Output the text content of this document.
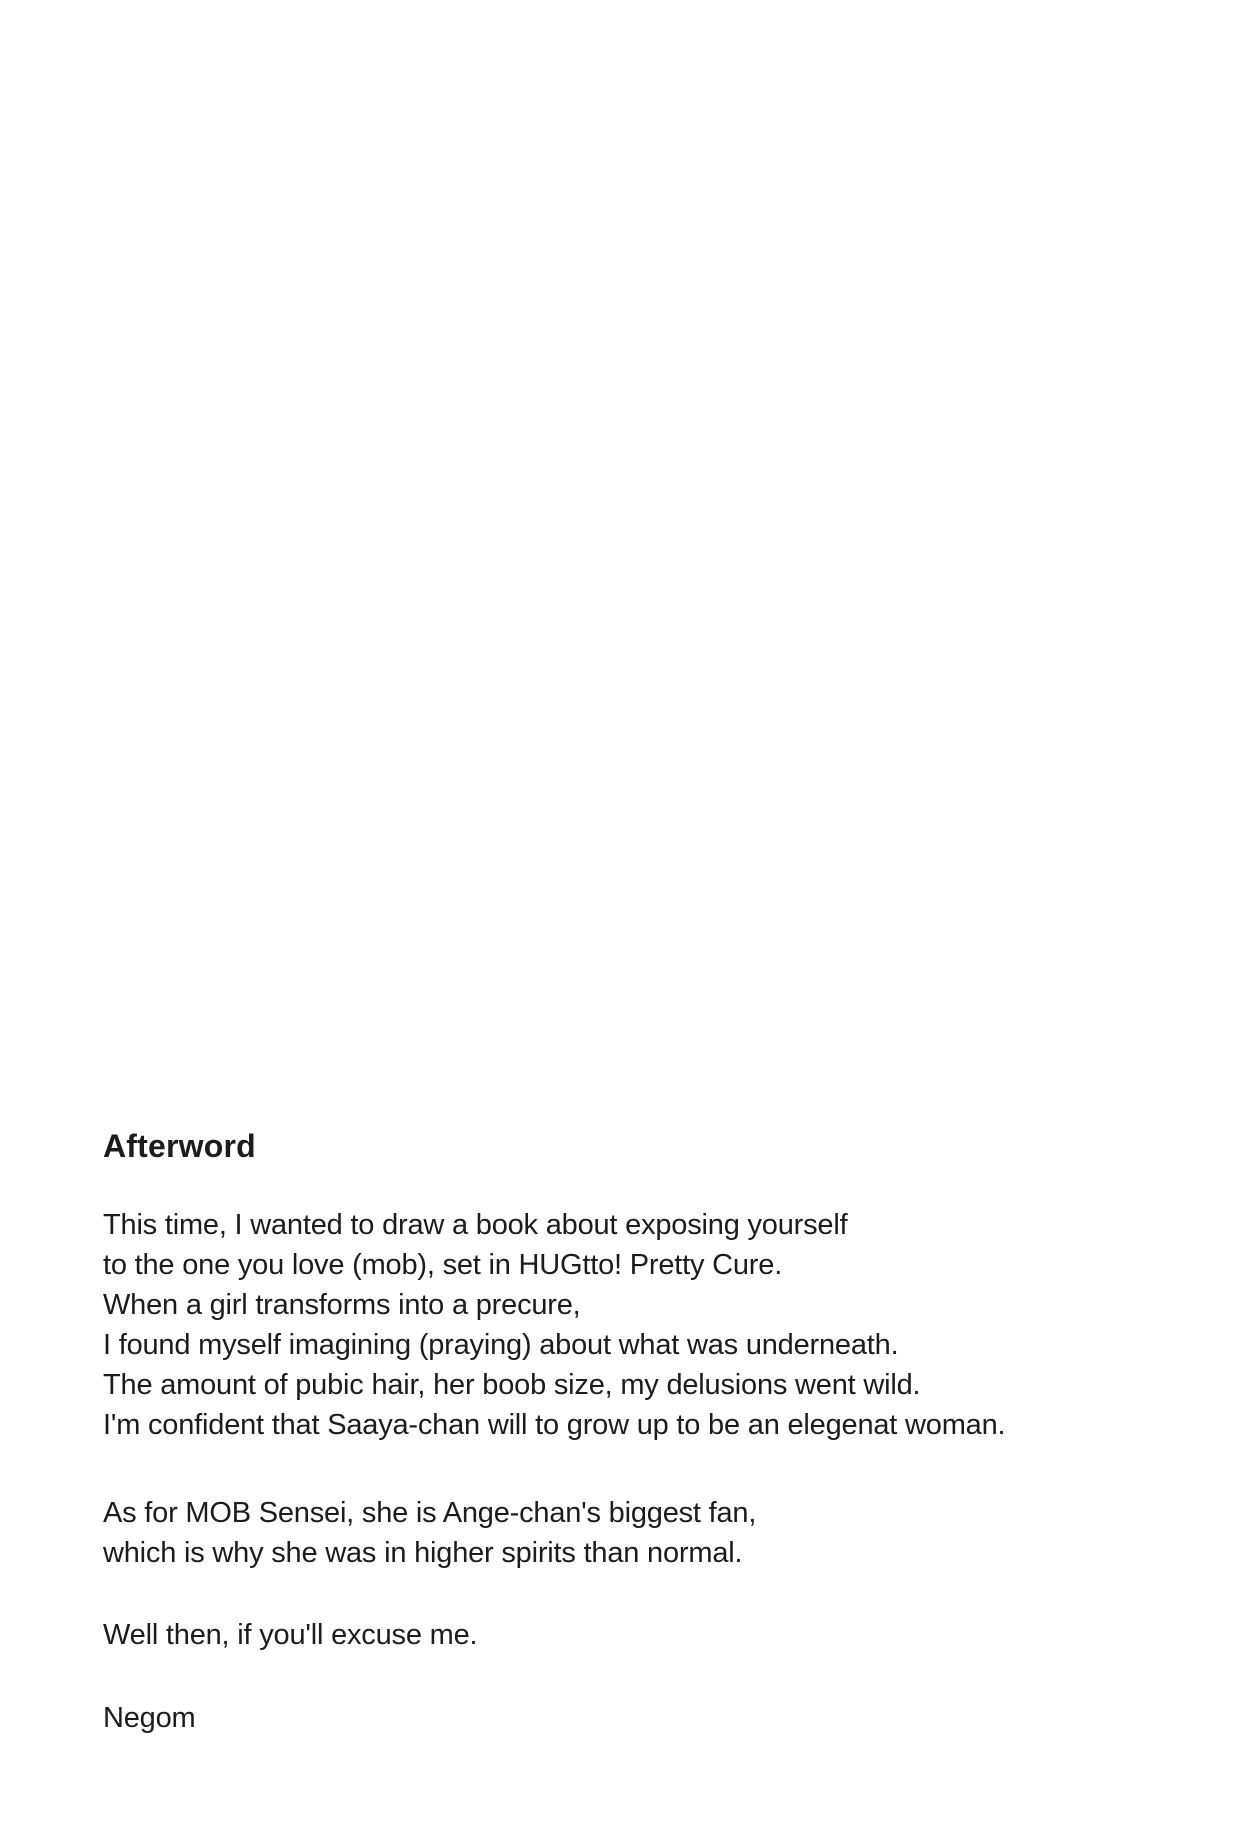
Afterword
This time, I wanted to draw a book about exposing yourself
to the one you love (mob), set in HUGtto! Pretty Cure.
When a girl transforms into a precure,
I found myself imagining (praying) about what was underneath.
The amount of pubic hair, her boob size, my delusions went wild.
I'm confident that Saaya-chan will to grow up to be an elegenat woman.
As for MOB Sensei, she is Ange-chan's biggest fan,
which is why she was in higher spirits than normal.
Well then, if you'll excuse me.
Negom
